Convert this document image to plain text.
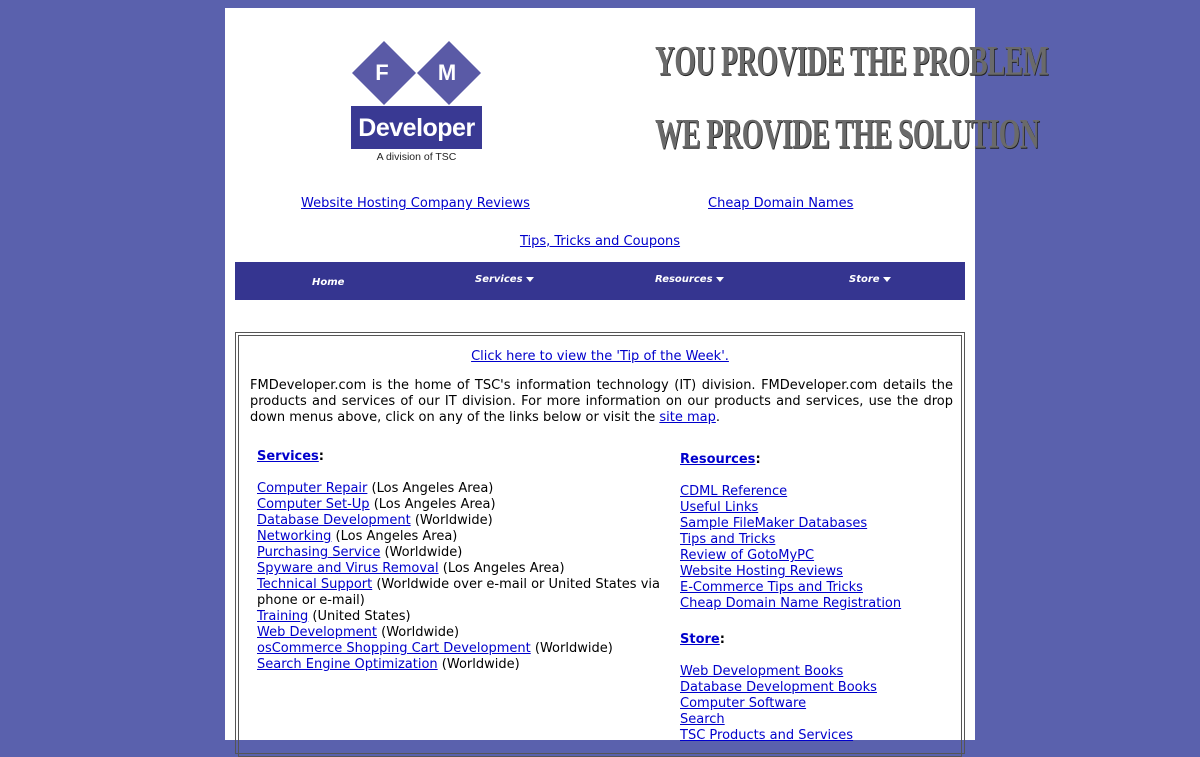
F	M
Developer
A division of TSC
YOU PROVIDE THE PROBLEM
WE PROVIDE THE SOLUTION
Website Hosting Company Reviews	Cheap Domain Names
Tips, Tricks and Coupons
Home	Services	Resources	Store
Click here to view the 'Tip of the Week'.
FMDeveloper.com is the home of TSC's information technology (IT) division. FMDeveloper.com details the products and services of our IT division. For more information on our products and services, use the drop down menus above, click on any of the links below or visit the site map.
Services:
Computer Repair (Los Angeles Area)
Computer Set-Up (Los Angeles Area)
Database Development (Worldwide)
Networking (Los Angeles Area)
Purchasing Service (Worldwide)
Spyware and Virus Removal (Los Angeles Area)
Technical Support (Worldwide over e-mail or United States via phone or e-mail)
Training (United States)
Web Development (Worldwide)
osCommerce Shopping Cart Development (Worldwide)
Search Engine Optimization (Worldwide)
Resources:
CDML Reference
Useful Links
Sample FileMaker Databases
Tips and Tricks
Review of GotoMyPC
Website Hosting Reviews
E-Commerce Tips and Tricks
Cheap Domain Name Registration
Store:
Web Development Books
Database Development Books
Computer Software
Search
TSC Products and Services
